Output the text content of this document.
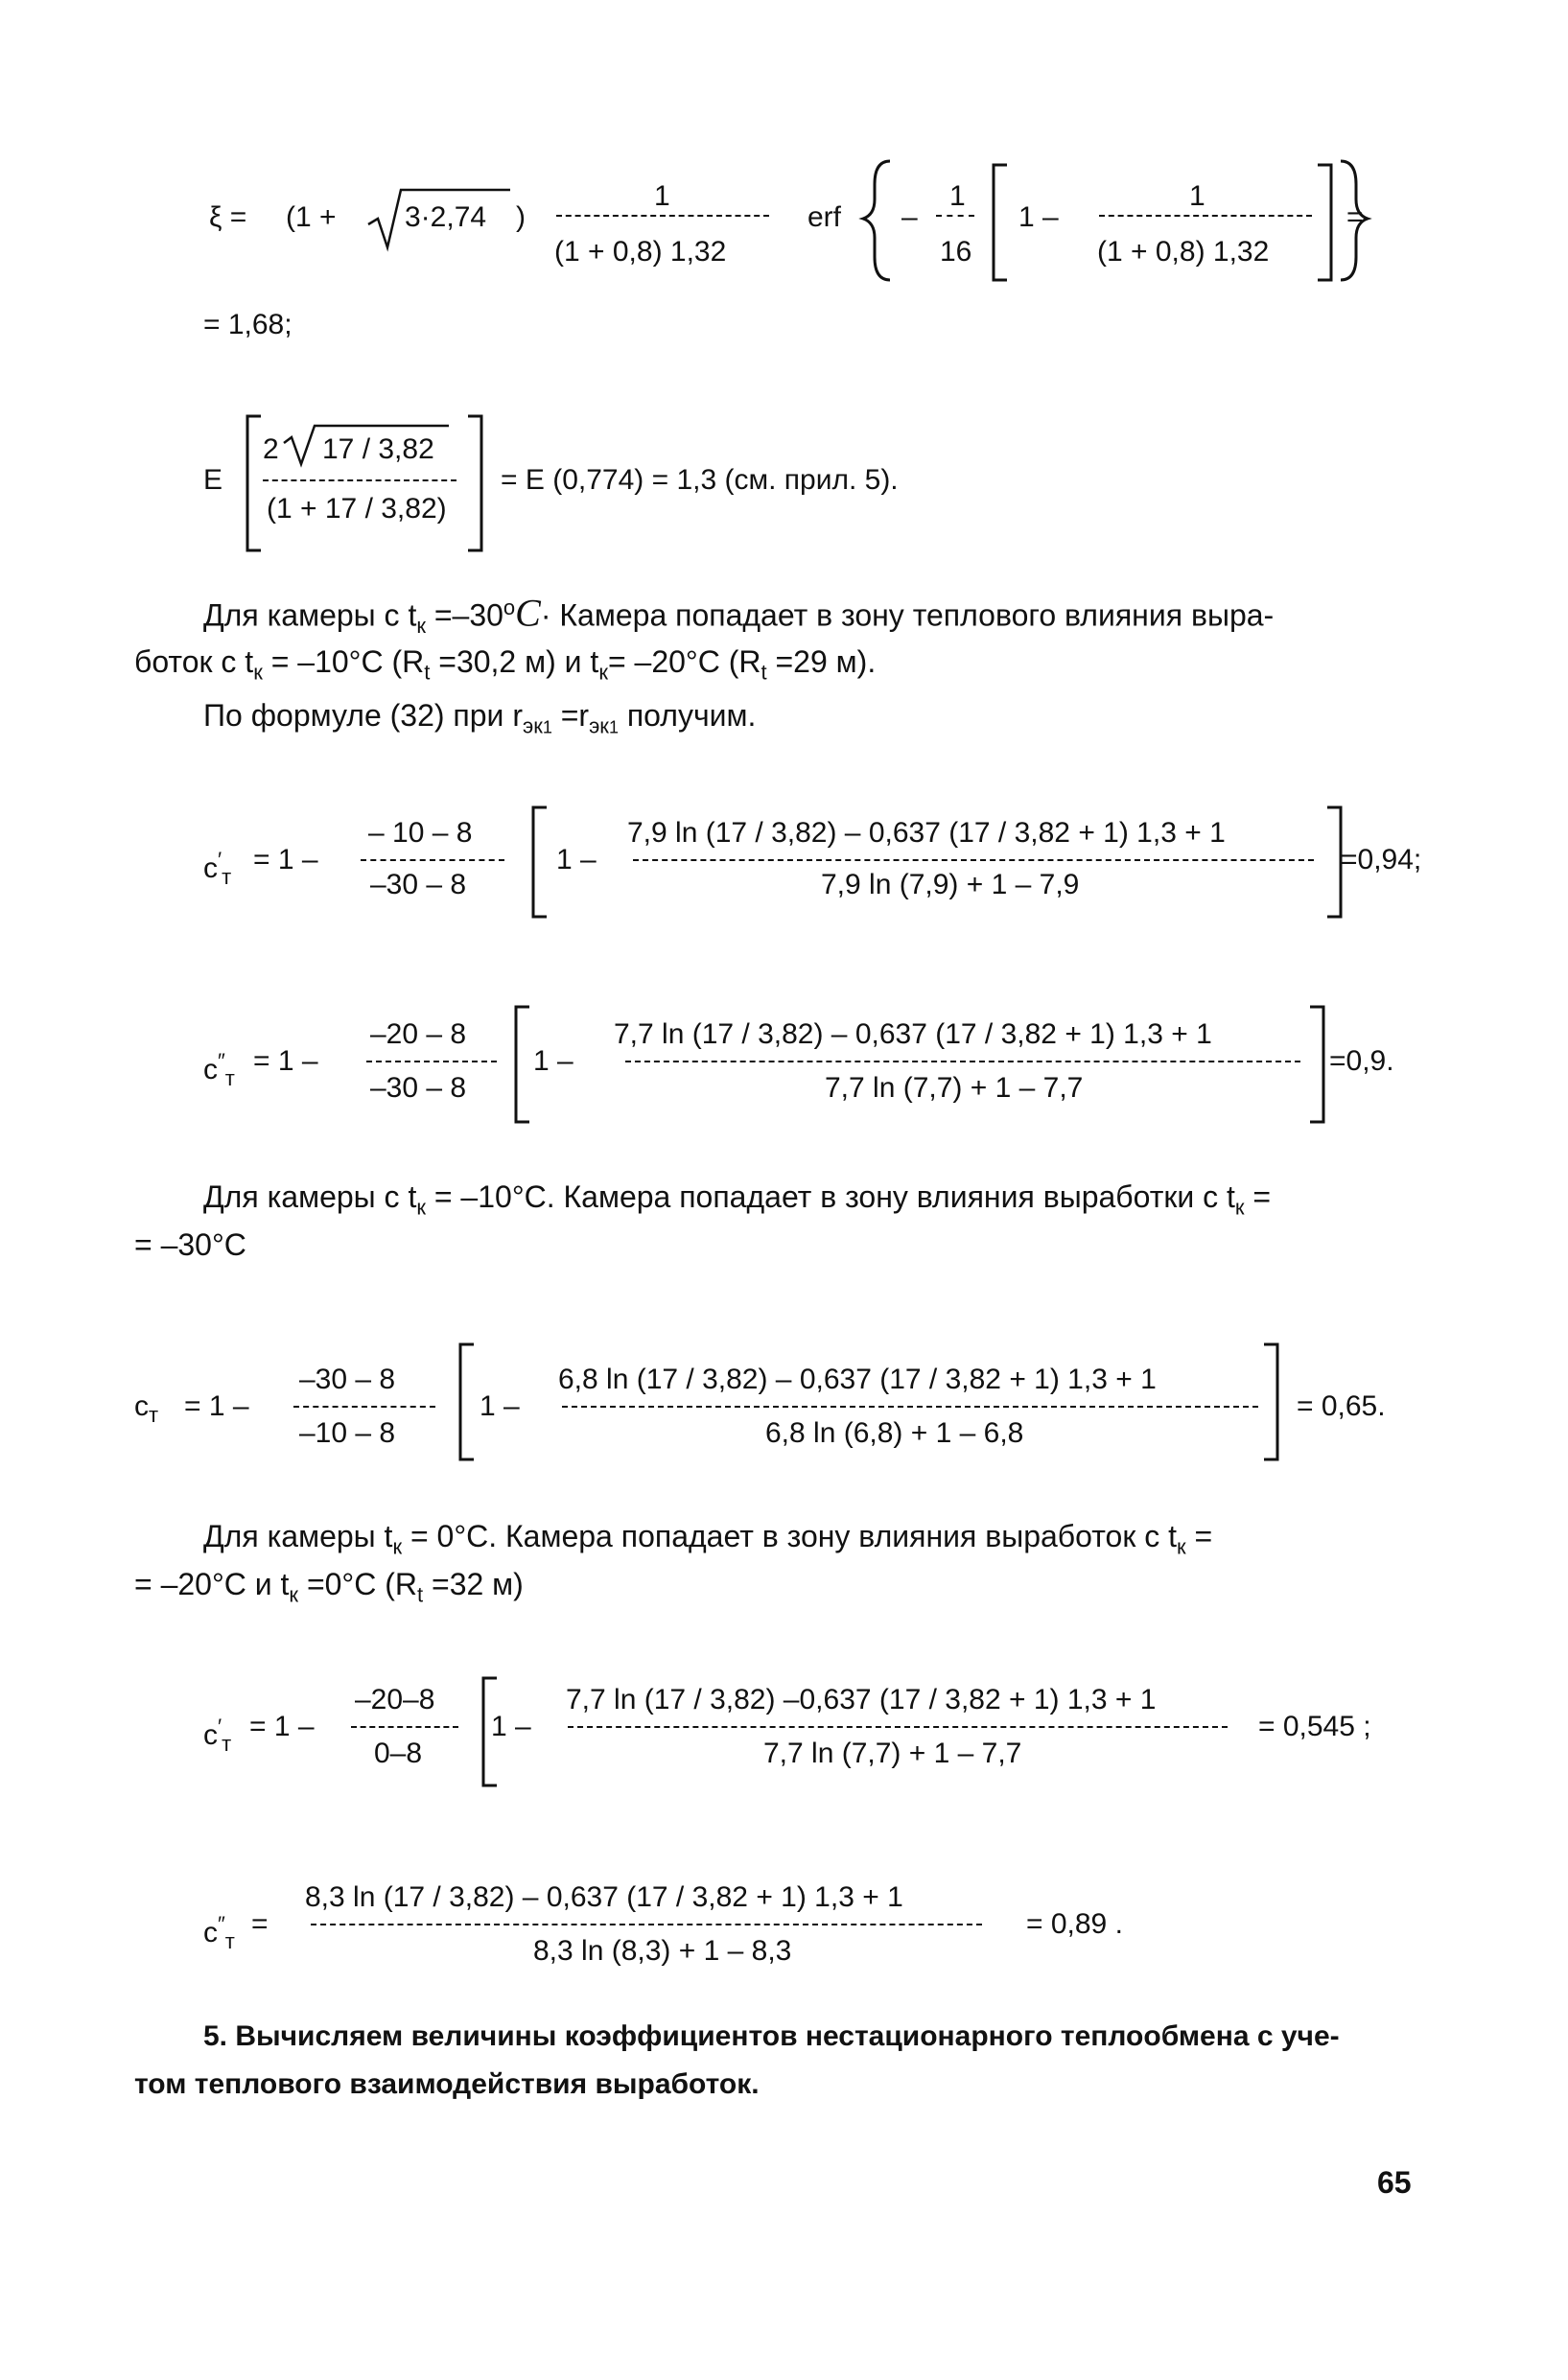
ξ = (1 + 3·2,74 )
1
(1 + 0,8) 1,32
erf –
1
16
1 –
1
(1 + 0,8) 1,32
=
= 1,68;
E
2 17 / 3,82
(1 + 17 / 3,82)
= E (0,774) = 1,3 (см. прил. 5).
Для камеры с $t_к =-30^oC\cdot$ Камера попадает в зону теплового влияния выра-
боток с $t_к = -10^\circ С$ ($R_t =30,2$ м) и $t_к= -20^\circ С$ ($R_t =29$ м).
По формуле (32) при $r_{эк1} =r_{эк1}$ получим.
$c'_т$
= 1 –
– 10 – 8
–30 – 8
1 –
7,9 ln (17 / 3,82) – 0,637 (17 / 3,82 + 1) 1,3 + 1
7,9 ln (7,9) + 1 – 7,9
=0,94;
$c''_т$
= 1 –
–20 – 8
–30 – 8
1 –
7,7 ln (17 / 3,82) – 0,637 (17 / 3,82 + 1) 1,3 + 1
7,7 ln (7,7) + 1 – 7,7
=0,9.
Для камеры с $t_к = -10^\circ С$. Камера попадает в зону влияния выработки с $t_к$ =
= –30°С
$c_т = 1$ –
–30 – 8
–10 – 8
1 –
6,8 ln (17 / 3,82) – 0,637 (17 / 3,82 + 1) 1,3 + 1
6,8 ln (6,8) + 1 – 6,8
= 0,65.
Для камеры $t_к = 0^\circ С$. Камера попадает в зону влияния выработок с $t_к$ =
= –20°С и $t_к =0^\circ С$ ($R_t =32$ м)
$c'_т$
= 1 –
–20–8
0–8
1 –
7,7 ln (17 / 3,82) –0,637 (17 / 3,82 + 1) 1,3 + 1
7,7 ln (7,7) + 1 – 7,7
= 0,545 ;
$c''_т$
=
8,3 ln (17 / 3,82) – 0,637 (17 / 3,82 + 1) 1,3 + 1
8,3 ln (8,3) + 1 – 8,3
= 0,89 .
5. Вычисляем величины коэффициентов нестационарного теплообмена с уче-
том теплового взаимодействия выработок.
65
